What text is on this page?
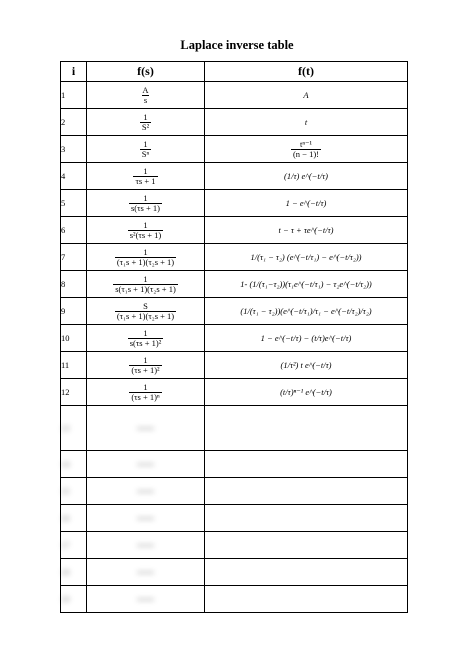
Laplace inverse table
i	f(s)	f(t)
1	$\frac{A}{s}$	A
2	$\frac{1}{\text{S²}}$	t
3	$\frac{1}{\text{Sⁿ}}$	$\frac{\text{tⁿ⁻¹}}{(n - 1)!}$

4	$\frac{1}{\tau s + 1}$	(1/τ) e^(−t/τ)
5	$\frac{1}{s(\tau s + 1)}$	1 − e^(−t/τ)
6	$\frac{1}{\text{s²(τs + 1)}}$	t − τ + τe^(−t/τ)
7	$\frac{1}{\text{(τ₁s + 1)(τ₂s + 1)}}$	1/(τ₁ − τ₂) (e^(−t/τ₁) − e^(−t/τ₂))
8	$\frac{1}{\text{s(τ₁s + 1)(τ₂s + 1)}}$	1- (1/(τ₁−τ₂))(τ₁e^(−t/τ₁) − τ₂e^(−t/τ₂))
9	$\frac{S}{\text{(τ₁s + 1)(τ₂s + 1)}}$	(1/(τ₁ − τ₂))(e^(−t/τ₁)/τ₁ − e^(−t/τ₂)/τ₂)
10	$\frac{1}{\text{s(τs + 1)²}}$	1 − e^(−t/τ) − (t/τ)e^(−t/τ)
11	$\frac{1}{\text{(τs + 1)²}}$	(1/τ²) t e^(−t/τ)
12	$\frac{1}{\text{(τs + 1)ⁿ}}$	(t/τ)ⁿ⁻¹ e^(−t/τ)
13	

14	

15	

16	

17	

18	

19	
